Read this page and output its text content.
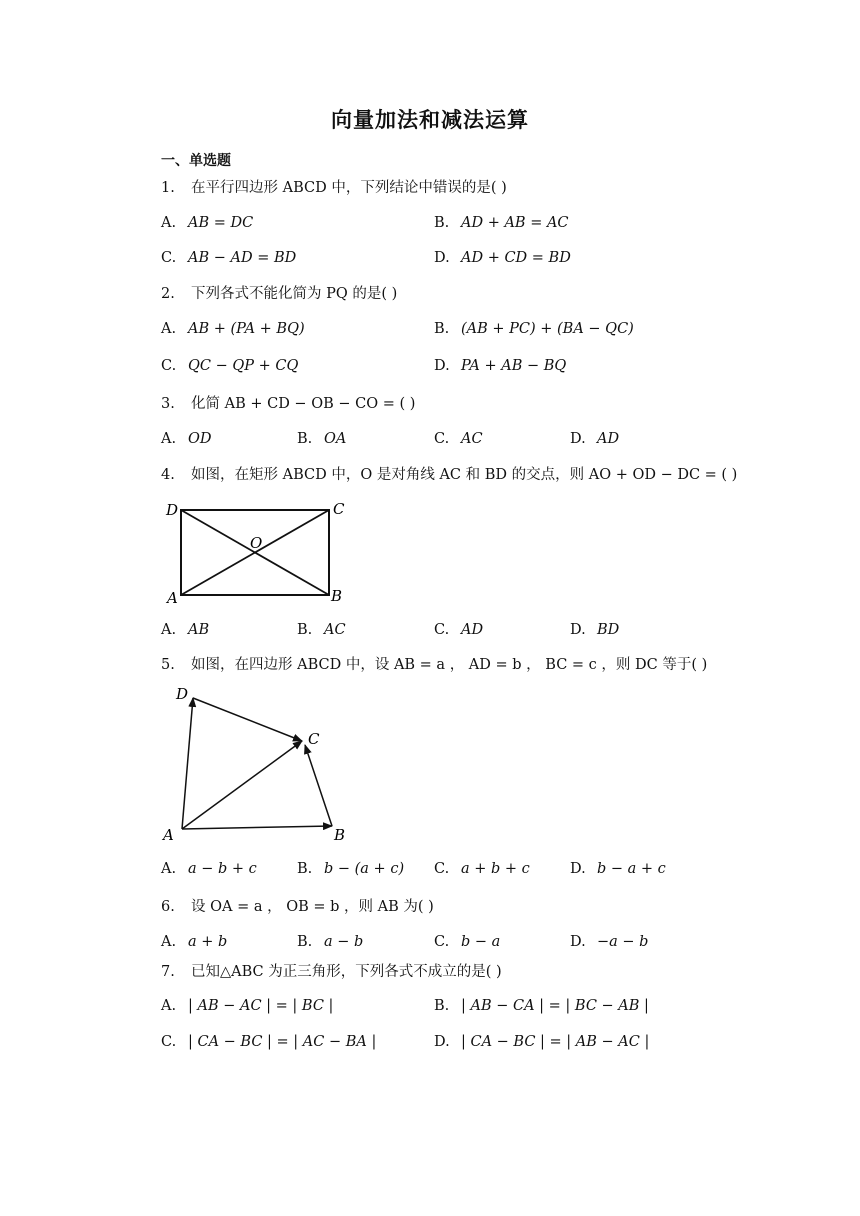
向量加法和减法运算
一、单选题
1. 在平行四边形 ABCD 中，下列结论中错误的是( )
A. AB = DC	B. AD + AB = AC
C. AB − AD = BD	D. AD + CD = BD
2. 下列各式不能化简为 PQ 的是( )
A. AB + (PA + BQ)	B. (AB + PC) + (BA − QC)
C. QC − QP + CQ	D. PA + AB − BQ
3. 化简 AB + CD − OB − CO = ( )
A. OD	B. OA	C. AC	D. AD
4. 如图，在矩形 ABCD 中，O 是对角线 AC 和 BD 的交点，则 AO + OD − DC = ( )
D	C
O
A	B
A. AB	B. AC	C. AD	D. BD
5. 如图，在四边形 ABCD 中，设 AB = a ， AD = b ， BC = c ，则 DC 等于( )
D
C
A	B
A. a − b + c	B. b − (a + c) C. a + b + c	D. b − a + c
6. 设 OA = a ， OB = b ，则 AB 为( )
A. a + b	B. a − b	C. b − a	D. −a − b
7. 已知△ABC 为正三角形，下列各式不成立的是( )
A. | AB − AC | = | BC |	B. | AB − CA | = | BC − AB |
C. | CA − BC | = | AC − BA |	D. | CA − BC | = | AB − AC |
